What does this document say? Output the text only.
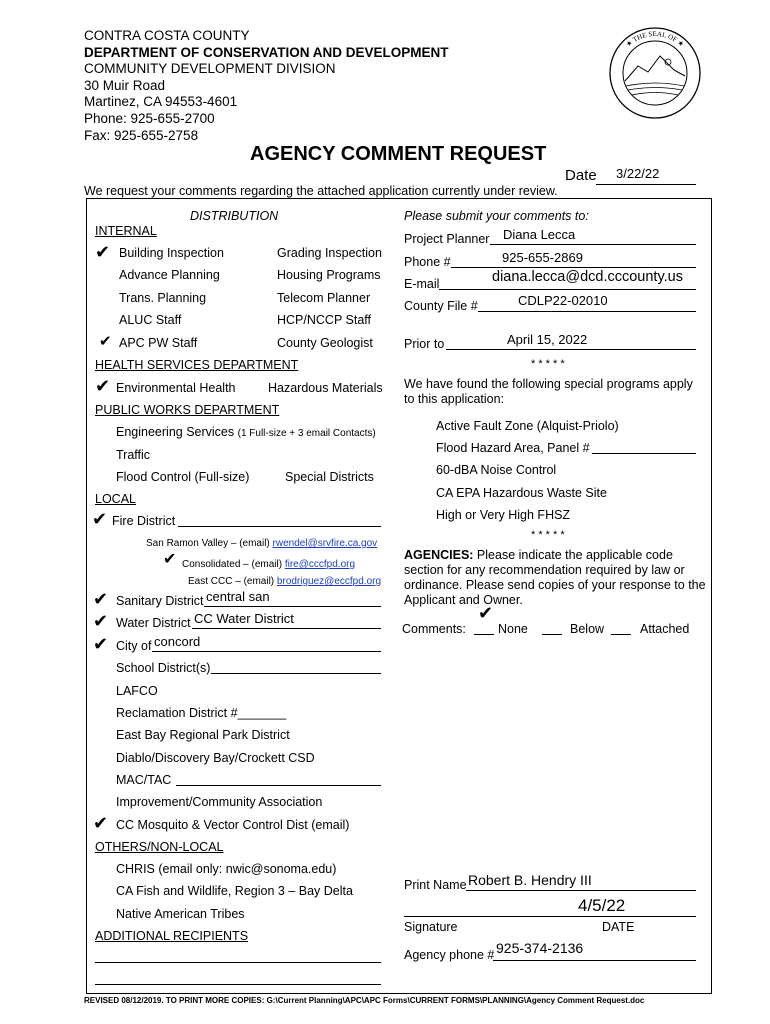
CONTRA COSTA COUNTY
DEPARTMENT OF CONSERVATION AND DEVELOPMENT
COMMUNITY DEVELOPMENT DIVISION
30 Muir Road
Martinez, CA 94553-4601
Phone: 925-655-2700
Fax: 925-655-2758
★ THE SEAL OF ★
AGENCY COMMENT REQUEST
Date 3/22/22
We request your comments regarding the attached application currently under review.
DISTRIBUTION
INTERNAL
✔ Building Inspection	Grading Inspection
Advance Planning	Housing Programs
Trans. Planning	Telecom Planner
ALUC Staff	HCP/NCCP Staff
✔ APC PW Staff	County Geologist
HEALTH SERVICES DEPARTMENT
✔ Environmental Health	Hazardous Materials
PUBLIC WORKS DEPARTMENT
Engineering Services (1 Full-size + 3 email Contacts)
Traffic
Flood Control (Full-size)	Special Districts
LOCAL
✔ Fire District
San Ramon Valley – (email) rwendel@srvfire.ca.gov
✔ Consolidated – (email) fire@cccfpd.org
East CCC – (email) brodriguez@eccfpd.org
✔ Sanitary District central san
✔ Water District CC Water District
✔ City of concord
School District(s)
LAFCO
Reclamation District #_______
East Bay Regional Park District
Diablo/Discovery Bay/Crockett CSD
MAC/TAC
Improvement/Community Association
✔ CC Mosquito & Vector Control Dist (email)
OTHERS/NON-LOCAL
CHRIS (email only: nwic@sonoma.edu)
CA Fish and Wildlife, Region 3 – Bay Delta
Native American Tribes
ADDITIONAL RECIPIENTS
Please submit your comments to:
Project Planner Diana Lecca
Phone #	925-655-2869
E-mail	diana.lecca@dcd.cccounty.us
County File #	CDLP22-02010
Prior to	April 15, 2022
* * * * *
We have found the following special programs apply
to this application:
Active Fault Zone (Alquist-Priolo)
Flood Hazard Area, Panel #
60-dBA Noise Control
CA EPA Hazardous Waste Site
High or Very High FHSZ
* * * * *
AGENCIES: Please indicate the applicable code
section for any recommendation required by law or
ordinance. Please send copies of your response to the
Applicant and Owner.
✔
Comments:	None	Below	Attached
Print Name Robert B. Hendry III
4/5/22
Signature	DATE
Agency phone # 925-374-2136
REVISED 08/12/2019. TO PRINT MORE COPIES: G:\Current Planning\APC\APC Forms\CURRENT FORMS\PLANNING\Agency Comment Request.doc
